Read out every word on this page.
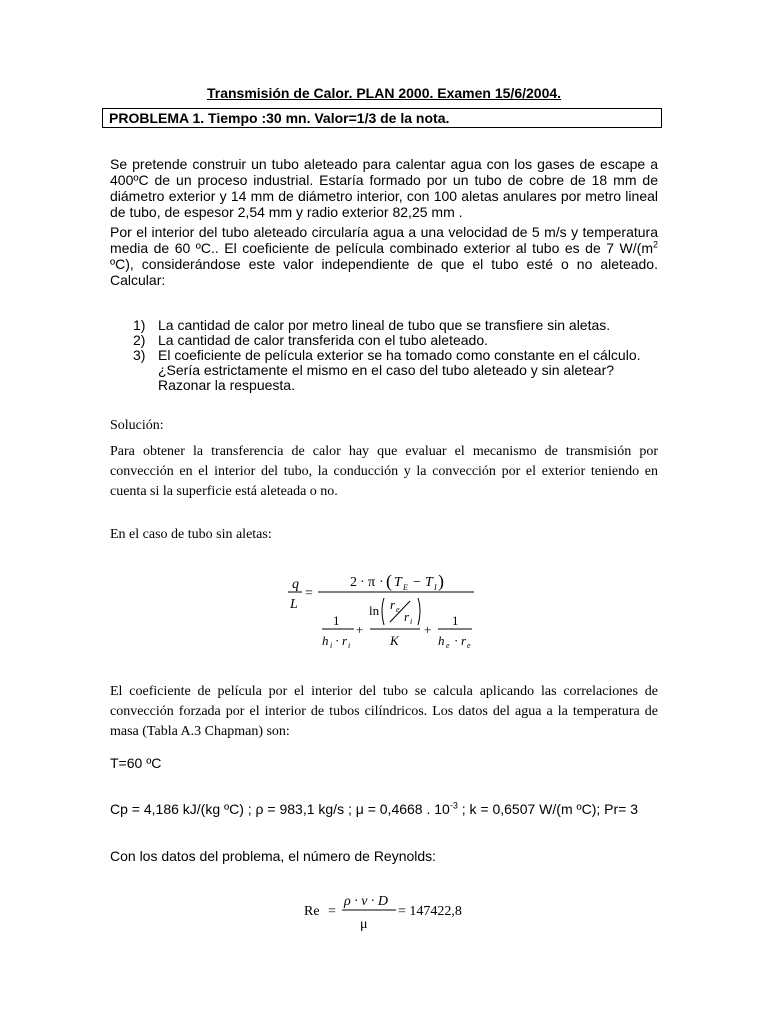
Transmisión de Calor. PLAN 2000. Examen 15/6/2004.
PROBLEMA 1. Tiempo :30 mn. Valor=1/3 de la nota.
Se pretende construir un tubo aleteado para calentar agua con los gases de escape a 400ºC de un proceso industrial. Estaría formado por un tubo de cobre de 18 mm de diámetro exterior y 14 mm de diámetro interior, con 100 aletas anulares por metro lineal de tubo, de espesor 2,54 mm y radio exterior 82,25 mm .
Por el interior del tubo aleteado circularía agua a una velocidad de 5 m/s y temperatura media de 60 ºC.. El coeficiente de película combinado exterior al tubo es de 7 $W/(m^2$ ºC), considerándose este valor independiente de que el tubo esté o no aleteado. Calcular:
1) La cantidad de calor por metro lineal de tubo que se transfiere sin aletas.
2) La cantidad de calor transferida con el tubo aleteado.
3) El coeficiente de película exterior se ha tomado como constante en el cálculo. ¿Sería estrictamente el mismo en el caso del tubo aleteado y sin aletear? Razonar la respuesta.
Solución:
Para obtener la transferencia de calor hay que evaluar el mecanismo de transmisión por convección en el interior del tubo, la conducción y la convección por el exterior teniendo en cuenta si la superficie está aleteada o no.
En el caso de tubo sin aletas:
q
L
=
2 · π · ( T E − T I )
1
h i · r i
+
ln r e r i
K
+
1
h e · r e
El coeficiente de película por el interior del tubo se calcula aplicando las correlaciones de convección forzada por el interior de tubos cilíndricos. Los datos del agua a la temperatura de masa (Tabla A.3 Chapman) son:
T=60 ºC
Cp = 4,186 kJ/(kg ºC) ; ρ = 983,1 kg/s ; μ = 0,4668 . $10^{-3}$ ; k = 0,6507 W/(m ºC); Pr= 3
Con los datos del problema, el número de Reynolds:
Re =
ρ · v · D
μ
= 147422,8
